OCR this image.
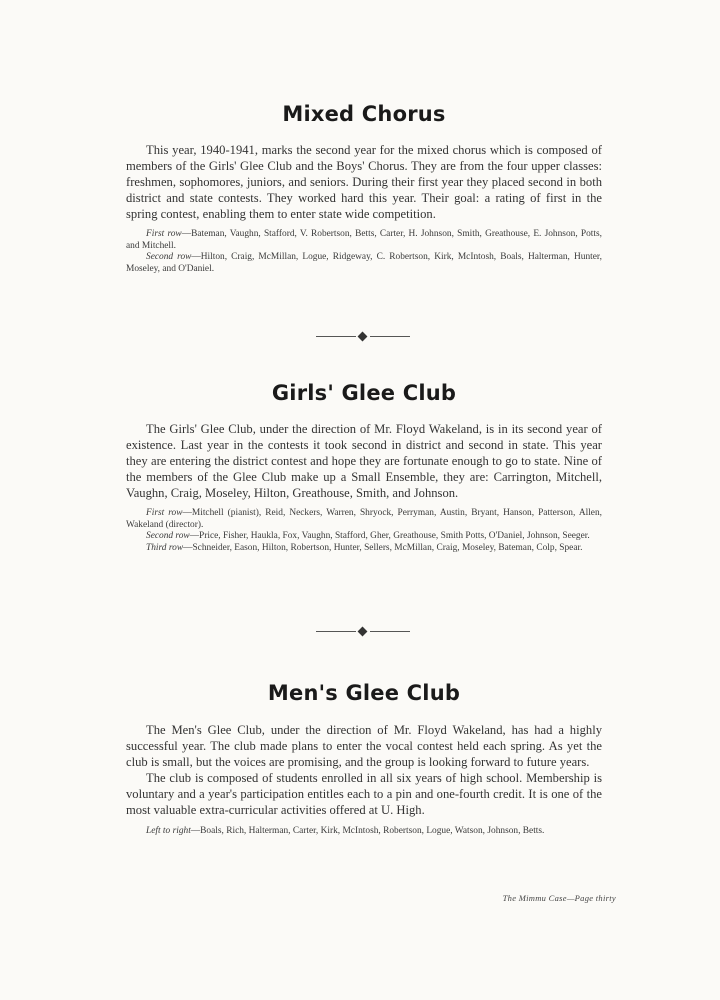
Mixed Chorus

This year, 1940-1941, marks the second year for the mixed chorus which is composed of members of the Girls' Glee Club and the Boys' Chorus. They are from the four upper classes: freshmen, sophomores, juniors, and seniors. During their first year they placed second in both district and state contests. They worked hard this year. Their goal: a rating of first in the spring contest, enabling them to enter state wide competition.

First row—Bateman, Vaughn, Stafford, V. Robertson, Betts, Carter, H. Johnson, Smith, Greathouse, E. Johnson, Potts, and Mitchell.

Second row—Hilton, Craig, McMillan, Logue, Ridgeway, C. Robertson, Kirk, McIntosh, Boals, Halterman, Hunter, Moseley, and O'Daniel.

Girls' Glee Club

The Girls' Glee Club, under the direction of Mr. Floyd Wakeland, is in its second year of existence. Last year in the contests it took second in district and second in state. This year they are entering the district contest and hope they are fortunate enough to go to state. Nine of the members of the Glee Club make up a Small Ensemble, they are: Carrington, Mitchell, Vaughn, Craig, Moseley, Hilton, Greathouse, Smith, and Johnson.

First row—Mitchell (pianist), Reid, Neckers, Warren, Shryock, Perryman, Austin, Bryant, Hanson, Patterson, Allen, Wakeland (director).

Second row—Price, Fisher, Haukla, Fox, Vaughn, Stafford, Gher, Greathouse, Smith Potts, O'Daniel, Johnson, Seeger.

Third row—Schneider, Eason, Hilton, Robertson, Hunter, Sellers, McMillan, Craig, Moseley, Bateman, Colp, Spear.

Men's Glee Club

The Men's Glee Club, under the direction of Mr. Floyd Wakeland, has had a highly successful year. The club made plans to enter the vocal contest held each spring. As yet the club is small, but the voices are promising, and the group is looking forward to future years.

The club is composed of students enrolled in all six years of high school. Membership is voluntary and a year's participation entitles each to a pin and one-fourth credit. It is one of the most valuable extra-curricular activities offered at U. High.

Left to right—Boals, Rich, Halterman, Carter, Kirk, McIntosh, Robertson, Logue, Watson, Johnson, Betts.

The Mimmu Case—Page thirty
